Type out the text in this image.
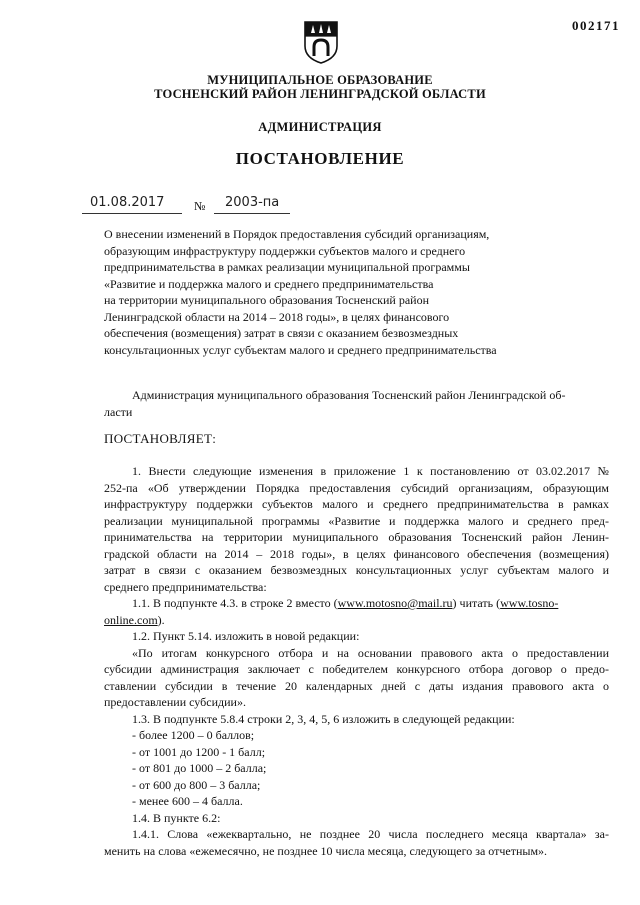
002171
МУНИЦИПАЛЬНОЕ ОБРАЗОВАНИЕ
ТОСНЕНСКИЙ РАЙОН ЛЕНИНГРАДСКОЙ ОБЛАСТИ
АДМИНИСТРАЦИЯ
ПОСТАНОВЛЕНИЕ
01.08.2017 № 2003-па
О внесении изменений в Порядок предоставления субсидий организациям,
образующим инфраструктуру поддержки субъектов малого и среднего
предпринимательства в рамках реализации муниципальной программы
«Развитие и поддержка малого и среднего предпринимательства
на территории муниципального образования Тосненский район
Ленинградской области на 2014 – 2018 годы», в целях финансового
обеспечения (возмещения) затрат в связи с оказанием безвозмездных
консультационных услуг субъектам малого и среднего предпринимательства
Администрация муниципального образования Тосненский район Ленинградской об-
ласти
ПОСТАНОВЛЯЕТ:
1. Внести следующие изменения в приложение 1 к постановлению от 03.02.2017 №
252-па «Об утверждении Порядка предоставления субсидий организациям, образующим
инфраструктуру поддержки субъектов малого и среднего предпринимательства в рамках
реализации муниципальной программы «Развитие и поддержка малого и среднего пред-
принимательства на территории муниципального образования Тосненский район Ленин-
градской области на 2014 – 2018 годы», в целях финансового обеспечения (возмещения)
затрат в связи с оказанием безвозмездных консультационных услуг субъектам малого и
среднего предпринимательства:
1.1. В подпункте 4.3. в строке 2 вместо (www.motosno@mail.ru) читать (www.tosno-
online.com).
1.2. Пункт 5.14. изложить в новой редакции:
«По итогам конкурсного отбора и на основании правового акта о предоставлении
субсидии администрация заключает с победителем конкурсного отбора договор о предо-
ставлении субсидии в течение 20 календарных дней с даты издания правового акта о
предоставлении субсидии».
1.3. В подпункте 5.8.4 строки 2, 3, 4, 5, 6 изложить в следующей редакции:
- более 1200 – 0 баллов;
- от 1001 до 1200 - 1 балл;
- от 801 до 1000 – 2 балла;
- от 600 до 800 – 3 балла;
- менее 600 – 4 балла.
1.4. В пункте 6.2:
1.4.1. Слова «ежеквартально, не позднее 20 числа последнего месяца квартала» за-
менить на слова «ежемесячно, не позднее 10 числа месяца, следующего за отчетным».
